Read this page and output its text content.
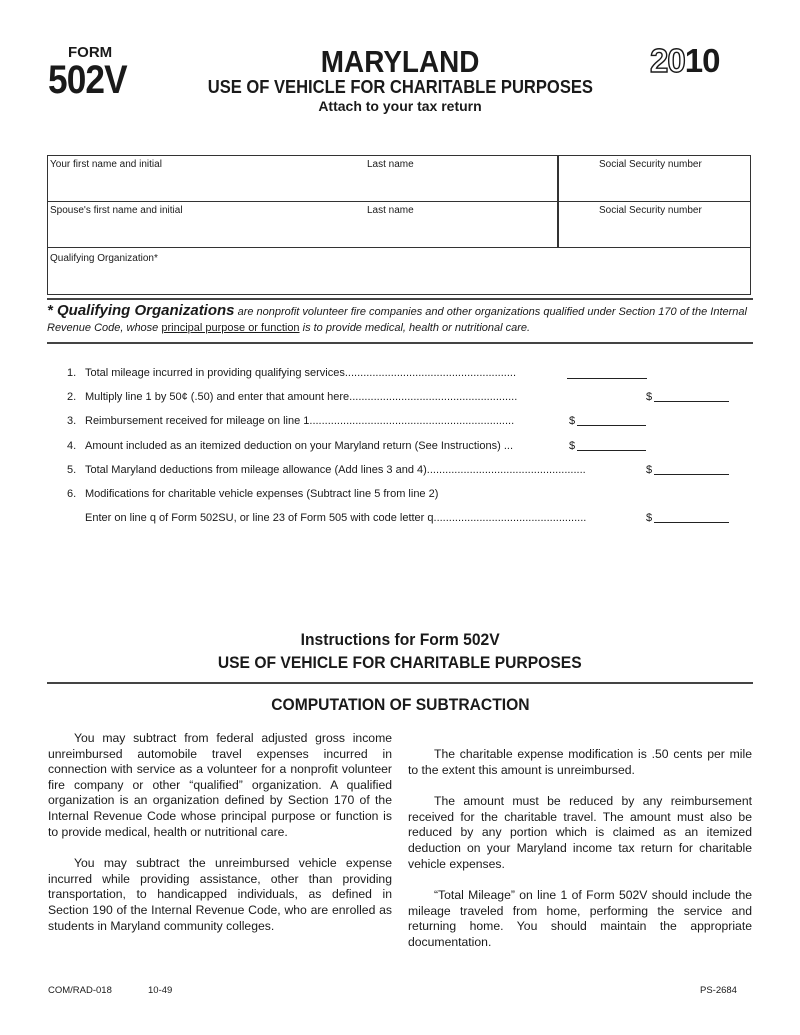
FORM
502V	MARYLAND
USE OF VEHICLE FOR CHARITABLE PURPOSES
Attach to your tax return
2010
Your first name and initial	Last name	Social Security number
Spouse's first name and initial	Last name	Social Security number
Qualifying Organization*
* Qualifying Organizations are nonprofit volunteer fire companies and other organizations qualified under Section 170 of the Internal Revenue Code, whose principal purpose or function is to provide medical, health or nutritional care.
1. Total mileage incurred in providing qualifying services........................................................
2. Multiply line 1 by 50¢ (.50) and enter that amount here.......................................................	$
3. Reimbursement received for mileage on line 1...................................................................	$
4. Amount included as an itemized deduction on your Maryland return (See Instructions) ...	$
5. Total Maryland deductions from mileage allowance (Add lines 3 and 4)....................................................	$
6. Modifications for charitable vehicle expenses (Subtract line 5 from line 2)
Enter on line q of Form 502SU, or line 23 of Form 505 with code letter q..................................................	$
Instructions for Form 502V
USE OF VEHICLE FOR CHARITABLE PURPOSES
COMPUTATION OF SUBTRACTION

You may subtract from federal adjusted gross income unreimbursed automobile travel expenses incurred in connection with service as a volunteer for a nonprofit volunteer fire company or other “qualified” organization. A qualified organization is an organization defined by Section 170 of the Internal Revenue Code whose principal purpose or function is to provide medical, health or nutritional care.

You may subtract the unreimbursed vehicle expense incurred while providing assistance, other than providing transportation, to handicapped individuals, as defined in Section 190 of the Internal Revenue Code, who are enrolled as students in Maryland community colleges.

The charitable expense modification is .50 cents per mile to the extent this amount is unreimbursed.

The amount must be reduced by any reimbursement received for the charitable travel. The amount must also be reduced by any portion which is claimed as an itemized deduction on your Maryland income tax return for charitable vehicle expenses.

“Total Mileage” on line 1 of Form 502V should include the mileage traveled from home, performing the service and returning home. You should maintain the appropriate documentation.

COM/RAD-018	10-49	PS-2684
